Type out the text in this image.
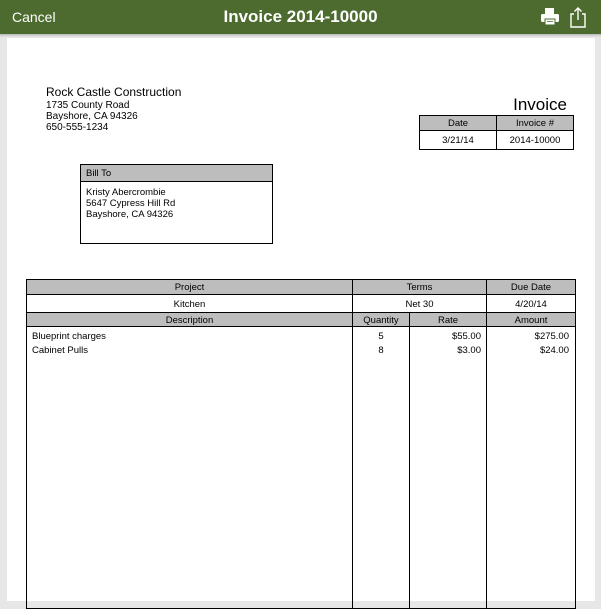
Cancel	Invoice 2014-10000
Rock Castle Construction
1735 County Road
Bayshore, CA 94326
650-555-1234
Invoice
Date	Invoice #
3/21/14	2014-10000
Bill To
Kristy Abercrombie
5647 Cypress Hill Rd
Bayshore, CA 94326
Project	Terms	Due Date
Kitchen	Net 30	4/20/14
Description	Quantity	Rate	Amount
Blueprint charges	5	$55.00	$275.00
Cabinet Pulls	8	$3.00	$24.00
